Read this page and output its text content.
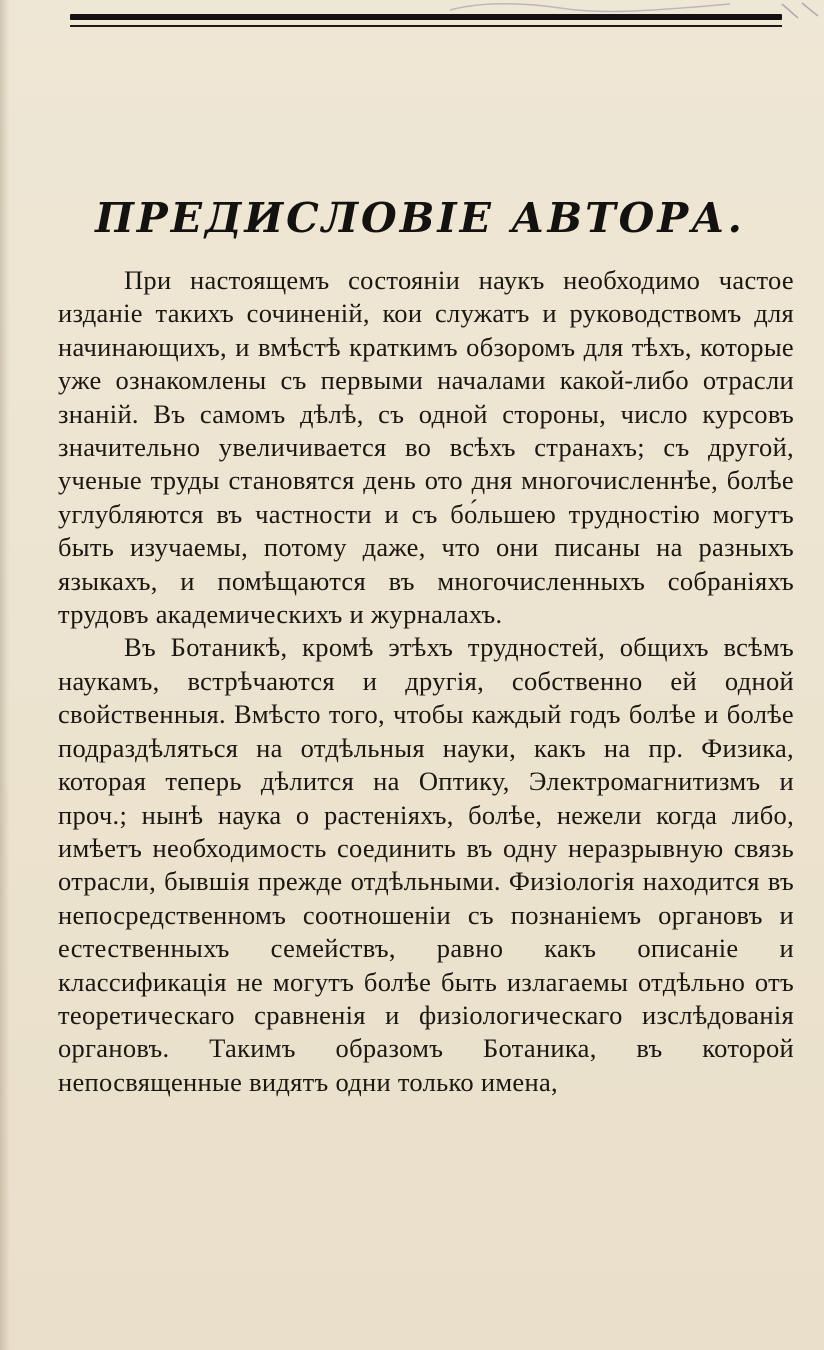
ПРЕДИСЛОВІЕ АВТОРА.

При настоящемъ состояніи наукъ необходимо частое изданіе такихъ сочиненій, кои служатъ и руководствомъ для начинающихъ, и вмѣстѣ краткимъ обзоромъ для тѣхъ, которые уже ознакомлены съ первыми началами какой-либо отрасли знаній. Въ самомъ дѣлѣ, съ одной стороны, число курсовъ значительно увеличивается во всѣхъ странахъ; съ другой, ученые труды становятся день ото дня многочисленнѣе, болѣе углубляются въ частности и съ бо́льшею трудностію могутъ быть изучаемы, потому даже, что они писаны на разныхъ языкахъ, и помѣщаются въ многочисленныхъ собраніяхъ трудовъ академическихъ и журналахъ.

Въ Ботаникѣ, кромѣ этѣхъ трудностей, общихъ всѣмъ наукамъ, встрѣчаются и другія, собственно ей одной свойственныя. Вмѣсто того, чтобы каждый годъ болѣе и болѣе подраздѣляться на отдѣльныя науки, какъ на пр. Физика, которая теперь дѣлится на Оптику, Электромагнитизмъ и проч.; нынѣ наука о растеніяхъ, болѣе, нежели когда либо, имѣетъ необходимость соединить въ одну неразрывную связь отрасли, бывшія прежде отдѣльными. Физіологія находится въ непосредственномъ соотношеніи съ познаніемъ органовъ и естественныхъ семействъ, равно какъ описаніе и классификація не могутъ болѣе быть излагаемы отдѣльно отъ теоретическаго сравненія и физіологическаго изслѣдованія органовъ. Такимъ образомъ Ботаника, въ которой непосвященные видятъ одни только имена,
